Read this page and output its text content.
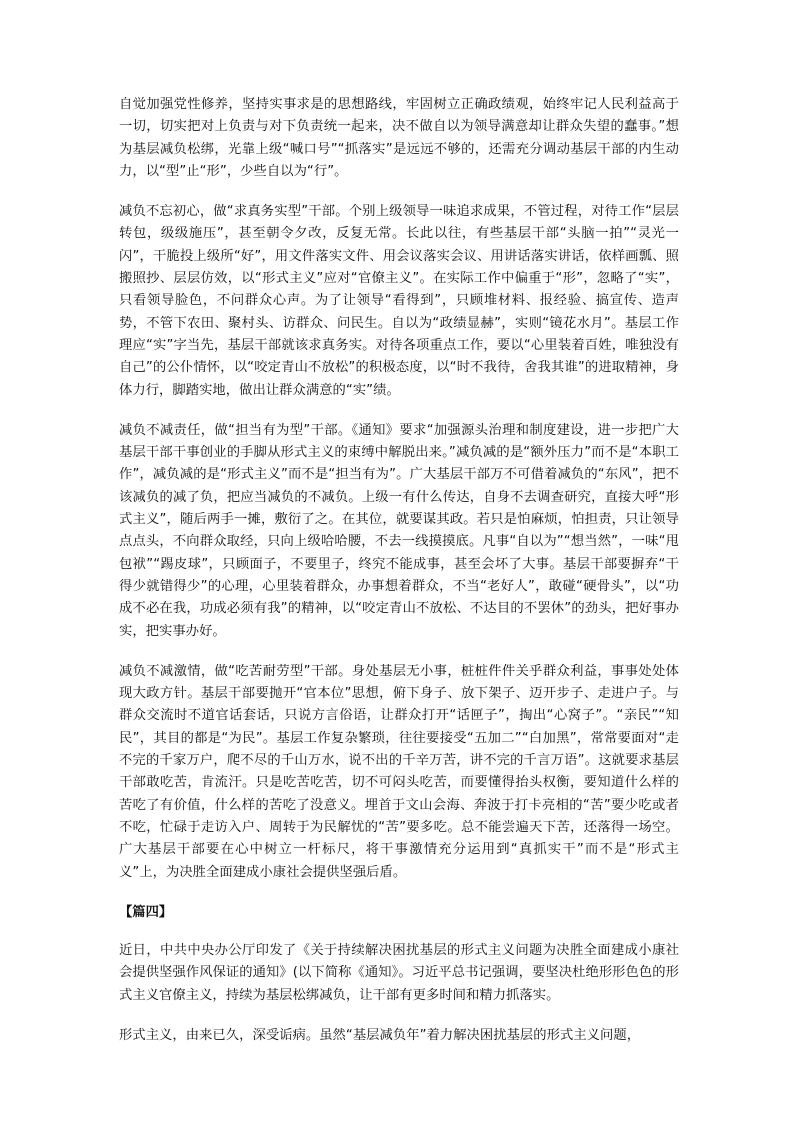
自觉加强党性修养，坚持实事求是的思想路线，牢固树立正确政绩观，始终牢记人民利益高于一切，切实把对上负责与对下负责统一起来，决不做自以为领导满意却让群众失望的蠢事。”想为基层减负松绑，光靠上级“喊口号”“抓落实”是远远不够的，还需充分调动基层干部的内生动力，以“型”止“形”，少些自以为“行”。

减负不忘初心，做“求真务实型”干部。个别上级领导一味追求成果，不管过程，对待工作“层层转包，级级施压”，甚至朝令夕改，反复无常。长此以往，有些基层干部“头脑一拍”“灵光一闪”，干脆投上级所“好”，用文件落实文件、用会议落实会议、用讲话落实讲话，依样画瓢、照搬照抄、层层仿效，以“形式主义”应对“官僚主义”。在实际工作中偏重于“形”，忽略了“实”，只看领导脸色，不问群众心声。为了让领导“看得到”，只顾堆材料、报经验、搞宣传、造声势，不管下农田、聚村头、访群众、问民生。自以为“政绩显赫”，实则“镜花水月”。基层工作理应“实”字当先，基层干部就该求真务实。对待各项重点工作，要以“心里装着百姓，唯独没有自己”的公仆情怀，以“咬定青山不放松”的积极态度，以“时不我待，舍我其谁”的进取精神，身体力行，脚踏实地，做出让群众满意的“实”绩。

减负不减责任，做“担当有为型”干部。《通知》要求“加强源头治理和制度建设，进一步把广大基层干部干事创业的手脚从形式主义的束缚中解脱出来。”减负减的是“额外压力”而不是“本职工作”，减负减的是“形式主义”而不是“担当有为”。广大基层干部万不可借着减负的“东风”，把不该减负的减了负，把应当减负的不减负。上级一有什么传达，自身不去调查研究，直接大呼“形式主义”，随后两手一摊，敷衍了之。在其位，就要谋其政。若只是怕麻烦，怕担责，只让领导点点头，不向群众取经，只向上级哈哈腰，不去一线摸摸底。凡事“自以为”“想当然”，一味“甩包袱”“踢皮球”，只顾面子，不要里子，终究不能成事，甚至会坏了大事。基层干部要摒弃“干得少就错得少”的心理，心里装着群众，办事想着群众，不当“老好人”，敢碰“硬骨头”，以“功成不必在我，功成必须有我”的精神，以“咬定青山不放松、不达目的不罢休”的劲头，把好事办实，把实事办好。

减负不减激情，做“吃苦耐劳型”干部。身处基层无小事，桩桩件件关乎群众利益，事事处处体现大政方针。基层干部要抛开“官本位”思想，俯下身子、放下架子、迈开步子、走进户子。与群众交流时不道官话套话，只说方言俗语，让群众打开“话匣子”，掏出“心窝子”。“亲民”“知民”，其目的都是“为民”。基层工作复杂繁琐，往往要接受“五加二”“白加黑”，常常要面对“走不完的千家万户，爬不尽的千山万水，说不出的千辛万苦，讲不完的千言万语”。这就要求基层干部敢吃苦，肯流汗。只是吃苦吃苦，切不可闷头吃苦，而要懂得抬头权衡，要知道什么样的苦吃了有价值，什么样的苦吃了没意义。埋首于文山会海、奔波于打卡亮相的“苦”要少吃或者不吃，忙碌于走访入户、周转于为民解忧的“苦”要多吃。总不能尝遍天下苦，还落得一场空。广大基层干部要在心中树立一杆标尺，将干事激情充分运用到“真抓实干”而不是“形式主义”上，为决胜全面建成小康社会提供坚强后盾。

【篇四】

近日，中共中央办公厅印发了《关于持续解决困扰基层的形式主义问题为决胜全面建成小康社会提供坚强作风保证的通知》(以下简称《通知》。习近平总书记强调，要坚决杜绝形形色色的形式主义官僚主义，持续为基层松绑减负，让干部有更多时间和精力抓落实。

形式主义，由来已久，深受诟病。虽然“基层减负年”着力解决困扰基层的形式主义问题，
